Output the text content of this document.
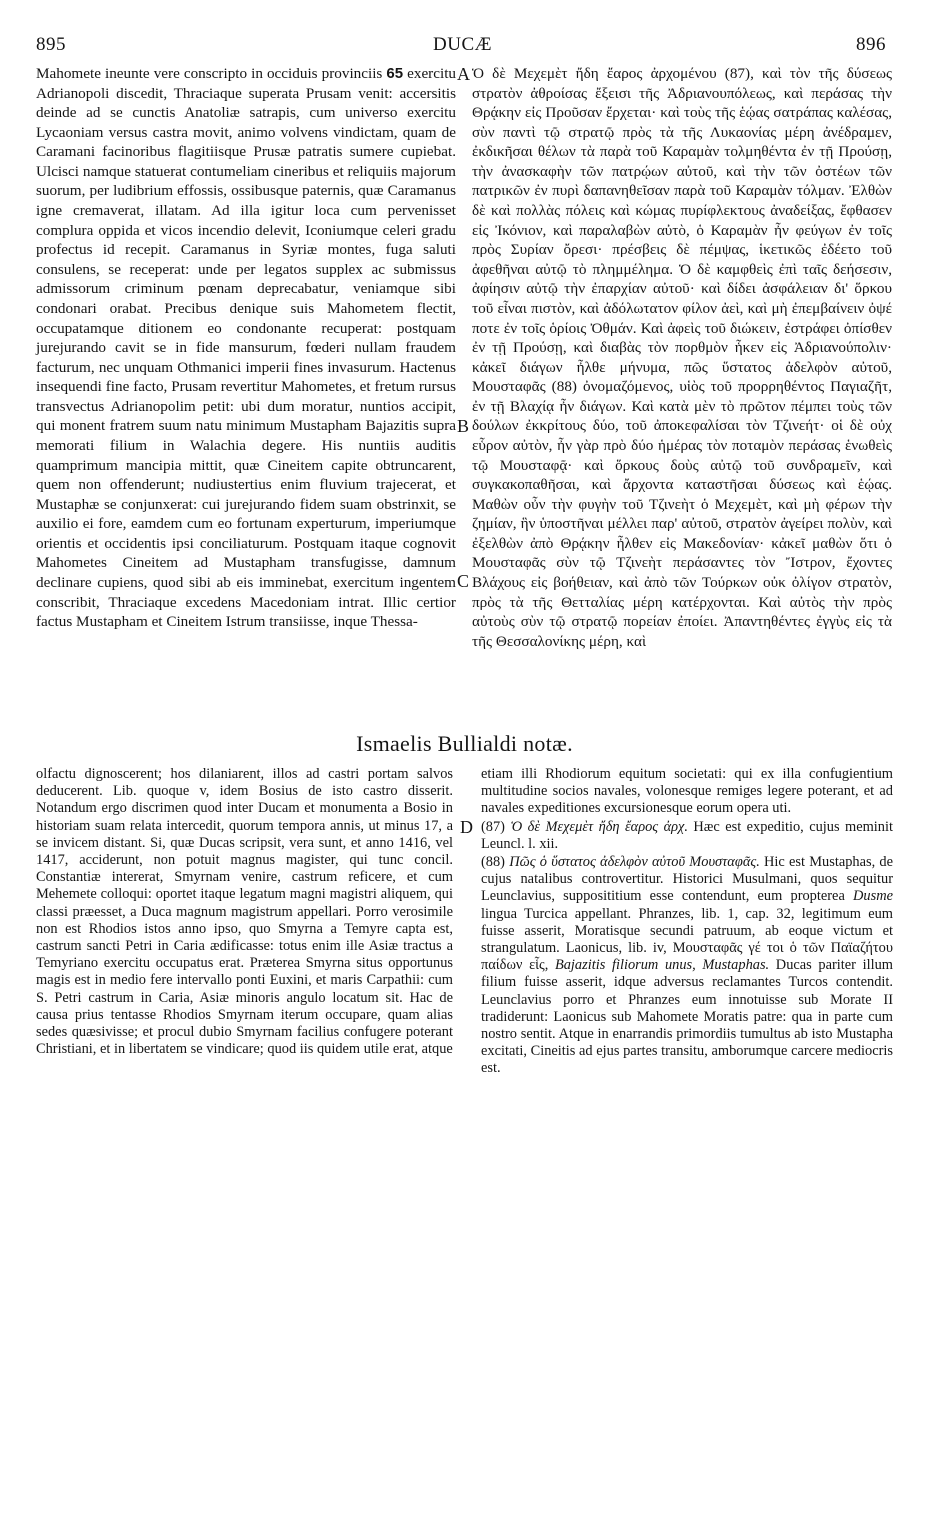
895	DUCÆ	896

Mahomete ineunte vere conscripto in occiduis provinciis 65 exercitu Adrianopoli discedit, Thraciaque superata Prusam venit: accersitis deinde ad se cunctis Anatoliæ satrapis, cum universo exercitu Lycaoniam versus castra movit, animo volvens vindictam, quam de Caramani facinoribus flagitiisque Prusæ patratis sumere cupiebat. Ulcisci namque statuerat contumeliam cineribus et reliquiis majorum suorum, per ludibrium effossis, ossibusque paternis, quæ Caramanus igne cremaverat, illatam. Ad illa igitur loca cum pervenisset complura oppida et vicos incendio delevit, Iconiumque celeri gradu profectus id recepit. Caramanus in Syriæ montes, fuga saluti consulens, se receperat: unde per legatos supplex ac submissus admissorum criminum pœnam deprecabatur, veniamque sibi condonari orabat. Precibus denique suis Mahometem flectit, occupatamque ditionem eo condonante recuperat: postquam jurejurando cavit se in fide mansurum, fœderi nullam fraudem facturum, nec unquam Othmanici imperii fines invasurum. Hactenus insequendi fine facto, Prusam revertitur Mahometes, et fretum rursus transvectus Adrianopolim petit: ubi dum moratur, nuntios accipit, qui monent fratrem suum natu minimum Mustapham Bajazitis supra memorati filium in Walachia degere. His nuntiis auditis quamprimum mancipia mittit, quæ Cineitem capite obtruncarent, quem non offenderunt; nudiustertius enim fluvium trajecerat, et Mustaphæ se conjunxerat: cui jurejurando fidem suam obstrinxit, se auxilio ei fore, eamdem cum eo fortunam experturum, imperiumque orientis et occidentis ipsi conciliaturum. Postquam itaque cognovit Mahometes Cineitem ad Mustapham transfugisse, damnum declinare cupiens, quod sibi ab eis imminebat, exercitum ingentem conscribit, Thraciaque excedens Macedoniam intrat. Illic certior factus Mustapham et Cineitem Istrum transiisse, inque Thessa-

Ὁ δὲ Μεχεμὲτ ἤδη ἔαρος ἀρχομένου (87), καὶ τὸν τῆς δύσεως στρατὸν ἀθροίσας ἔξεισι τῆς Ἀδριανουπόλεως, καὶ περάσας τὴν Θρᾴκην εἰς Προῦσαν ἔρχεται· καὶ τοὺς τῆς ἑῴας σατράπας καλέσας, σὺν παντὶ τῷ στρατῷ πρὸς τὰ τῆς Λυκαονίας μέρη ἀνέδραμεν, ἐκδικῆσαι θέλων τὰ παρὰ τοῦ Καραμὰν τολμηθέντα ἐν τῇ Προύσῃ, τὴν ἀνασκαφὴν τῶν πατρῴων αὐτοῦ, καὶ τὴν τῶν ὀστέων τῶν πατρικῶν ἐν πυρὶ δαπανηθεῖσαν παρὰ τοῦ Καραμὰν τόλμαν. Ἐλθὼν δὲ καὶ πολλὰς πόλεις καὶ κώμας πυρίφλεκτους ἀναδείξας, ἔφθασεν εἰς Ἰκόνιον, καὶ παραλαβὼν αὐτὸ, ὁ Καραμὰν ἦν φεύγων ἐν τοῖς πρὸς Συρίαν ὄρεσι· πρέσβεις δὲ πέμψας, ἱκετικῶς ἐδέετο τοῦ ἀφεθῆναι αὐτῷ τὸ πλημμέλημα. Ὁ δὲ καμφθεὶς ἐπὶ ταῖς δεήσεσιν, ἀφίησιν αὐτῷ τὴν ἐπαρχίαν αὐτοῦ· καὶ δίδει ἀσφάλειαν δι' ὅρκου τοῦ εἶναι πιστὸν, καὶ ἀδόλωτατον φίλον ἀεὶ, καὶ μὴ ἐπεμβαίνειν ὀψέ ποτε ἐν τοῖς ὁρίοις Ὀθμάν. Καὶ ἀφεὶς τοῦ διώκειν, ἐστράφει ὀπίσθεν ἐν τῇ Προύσῃ, καὶ διαβὰς τὸν πορθμὸν ἧκεν εἰς Ἀδριανούπολιν· κἀκεῖ διάγων ἦλθε μήνυμα, πῶς ὕστατος ἀδελφὸν αὐτοῦ, Μουσταφᾶς (88) ὀνομαζόμενος, υἱὸς τοῦ προρρηθέντος Παγιαζῆτ, ἐν τῇ Βλαχίᾳ ἦν διάγων. Καὶ κατὰ μὲν τὸ πρῶτον πέμπει τοὺς τῶν δούλων ἐκκρίτους δύο, τοῦ ἀποκεφαλίσαι τὸν Τζινεήτ· οἱ δὲ οὐχ εὗρον αὐτὸν, ἦν γὰρ πρὸ δύο ἡμέρας τὸν ποταμὸν περάσας ἑνωθεὶς τῷ Μουσταφᾷ· καὶ ὅρκους δοὺς αὐτῷ τοῦ συνδραμεῖν, καὶ συγκακοπαθῆσαι, καὶ ἄρχοντα καταστῆσαι δύσεως καὶ ἑῴας. Μαθὼν οὖν τὴν φυγὴν τοῦ Τζινεὴτ ὁ Μεχεμὲτ, καὶ μὴ φέρων τὴν ζημίαν, ἣν ὑποστῆναι μέλλει παρ' αὐτοῦ, στρατὸν ἀγείρει πολὺν, καὶ ἐξελθὼν ἀπὸ Θρᾴκην ἦλθεν εἰς Μακεδονίαν· κἀκεῖ μαθὼν ὅτι ὁ Μουσταφᾶς σὺν τῷ Τζινεὴτ περάσαντες τὸν Ἴστρον, ἔχοντες Βλάχους εἰς βοήθειαν, καὶ ἀπὸ τῶν Τούρκων οὐκ ὀλίγον στρατὸν, πρὸς τὰ τῆς Θετταλίας μέρη κατέρχονται. Καὶ αὐτὸς τὴν πρὸς αὐτοὺς σὺν τῷ στρατῷ πορείαν ἐποίει. Ἀπαντηθέντες ἐγγὺς εἰς τὰ τῆς Θεσσαλονίκης μέρη, καὶ

A
B
C
D
Ismaelis Bullialdi notæ.

olfactu dignoscerent; hos dilaniarent, illos ad castri portam salvos deducerent. Lib. quoque v, idem Bosius de isto castro disserit. Notandum ergo discrimen quod inter Ducam et monumenta a Bosio in historiam suam relata intercedit, quorum tempora annis, ut minus 17, a se invicem distant. Si, quæ Ducas scripsit, vera sunt, et anno 1416, vel 1417, acciderunt, non potuit magnus magister, qui tunc concil. Constantiæ intererat, Smyrnam venire, castrum reficere, et cum Mehemete colloqui: oportet itaque legatum magni magistri aliquem, qui classi præesset, a Duca magnum magistrum appellari. Porro verosimile non est Rhodios istos anno ipso, quo Smyrna a Temyre capta est, castrum sancti Petri in Caria ædificasse: totus enim ille Asiæ tractus a Temyriano exercitu occupatus erat. Præterea Smyrna situs opportunus magis est in medio fere intervallo ponti Euxini, et maris Carpathii: cum S. Petri castrum in Caria, Asiæ minoris angulo locatum sit. Hac de causa prius tentasse Rhodios Smyrnam iterum occupare, quam alias sedes quæsivisse; et procul dubio Smyrnam facilius confugere poterant Christiani, et in libertatem se vindicare; quod iis quidem utile erat, atque

etiam illi Rhodiorum equitum societati: qui ex illa confugientium multitudine socios navales, volonesque remiges legere poterant, et ad navales expeditiones excursionesque eorum opera uti.

(87) Ὁ δὲ Μεχεμὲτ ἤδη ἔαρος ἀρχ. Hæc est expeditio, cujus meminit Leuncl. l. xii.

(88) Πῶς ὁ ὕστατος ἀδελφὸν αὐτοῦ Μουσταφᾶς. Hic est Mustaphas, de cujus natalibus controvertitur. Historici Musulmani, quos sequitur Leunclavius, supposititium esse contendunt, eum propterea Dusme lingua Turcica appellant. Phranzes, lib. 1, cap. 32, legitimum eum fuisse asserit, Moratisque secundi patruum, ab eoque victum et strangulatum. Laonicus, lib. iv, Μουσταφᾶς γέ τοι ὁ τῶν Παϊαζήτου παίδων εἷς, Bajazitis filiorum unus, Mustaphas. Ducas pariter illum filium fuisse asserit, idque adversus reclamantes Turcos contendit. Leunclavius porro et Phranzes eum innotuisse sub Morate II tradiderunt: Laonicus sub Mahomete Moratis patre: qua in parte cum nostro sentit. Atque in enarrandis primordiis tumultus ab isto Mustapha excitati, Cineitis ad ejus partes transitu, amborumque carcere mediocris est.
